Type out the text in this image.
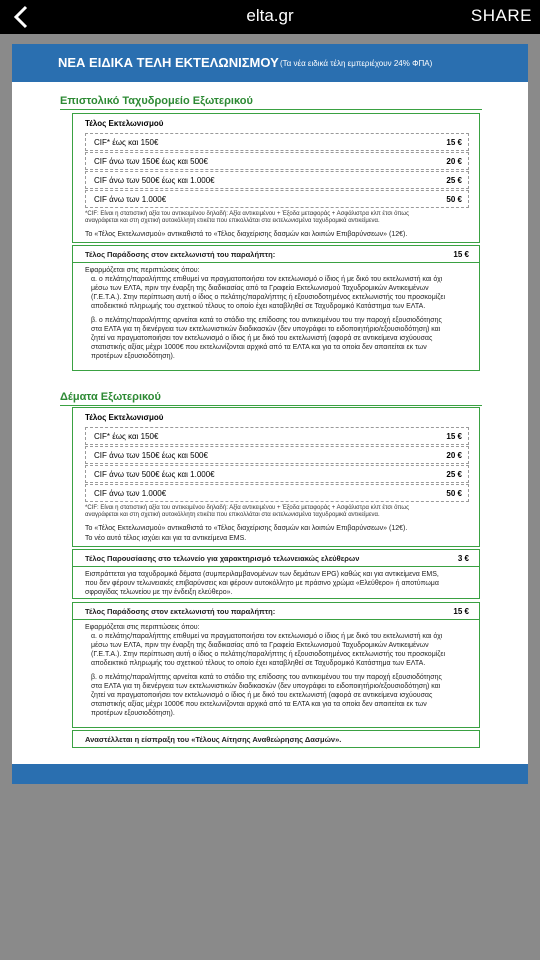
elta.gr	SHARE
ΝΕΑ ΕΙΔΙΚΑ ΤΕΛΗ ΕΚΤΕΛΩΝΙΣΜΟΥ (Τα νέα ειδικά τέλη εμπεριέχουν 24% ΦΠΑ)
Επιστολικό Ταχυδρομείο Εξωτερικού
Τέλος Εκτελωνισμού
CIF* έως και 150€	15 €
CIF άνω των 150€ έως και 500€	20 €
CIF άνω των 500€ έως και 1.000€	25 €
CIF άνω των 1.000€	50 €
*CIF: Είναι η στατιστική αξία του αντικειμένου δηλαδή: Αξία αντικειμένου + Έξοδα μεταφοράς + Ασφάλιστρα κλπ έτσι όπως
αναγράφεται και στη σχετική αυτοκόλλητη ετικέτα που επικολλάται στα εκτελωνισμένα ταχυδρομικά αντικείμενα.
Το «Τέλος Εκτελωνισμού» αντικαθιστά το «Τέλος διαχείρισης δασμών και λοιπών Επιβαρύνσεων» (12€).
Τέλος Παράδοσης στον εκτελωνιστή του παραλήπτη:	15 €
Εφαρμόζεται στις περιπτώσεις όπου:
α. ο πελάτης/παραλήπτης επιθυμεί να πραγματοποιήσει τον εκτελωνισμό ο ίδιος ή με δικό του εκτελωνιστή και όχι
μέσω των ΕΛΤΑ, πριν την έναρξη της διαδικασίας από τα Γραφεία Εκτελωνισμού Ταχυδρομικών Αντικειμένων
(Γ.Ε.Τ.Α.). Στην περίπτωση αυτή ο ίδιος ο πελάτης/παραλήπτης ή εξουσιοδοτημένος εκτελωνιστής του προσκομίζει
αποδεικτικό πληρωμής του σχετικού τέλους το οποίο έχει καταβληθεί σε Ταχυδρομικό Κατάστημα των ΕΛΤΑ.
β. ο πελάτης/παραλήπτης αρνείται κατά το στάδιο της επίδοσης του αντικειμένου του την παροχή εξουσιοδότησης
στα ΕΛΤΑ για τη διενέργεια των εκτελωνιστικών διαδικασιών (δεν υπογράφει το ειδοποιητήριο/εξουσιοδότηση) και
ζητεί να πραγματοποιήσει τον εκτελωνισμό ο ίδιος ή με δικό του εκτελωνιστή (αφορά σε αντικείμενα ισχύουσας
στατιστικής αξίας μέχρι 1000€ που εκτελωνίζονται αρχικά από τα ΕΛΤΑ και για τα οποία δεν απαιτείται εκ των
προτέρων εξουσιοδότηση).
Δέματα Εξωτερικού
Τέλος Εκτελωνισμού
CIF* έως και 150€	15 €
CIF άνω των 150€ έως και 500€	20 €
CIF άνω των 500€ έως και 1.000€	25 €
CIF άνω των 1.000€	50 €
*CIF: Είναι η στατιστική αξία του αντικειμένου δηλαδή: Αξία αντικειμένου + Έξοδα μεταφοράς + Ασφάλιστρα κλπ έτσι όπως
αναγράφεται και στη σχετική αυτοκόλλητη ετικέτα που επικολλάται στα εκτελωνισμένα ταχυδρομικά αντικείμενα.
Το «Τέλος Εκτελωνισμού» αντικαθιστά το «Τέλος διαχείρισης δασμών και λοιπών Επιβαρύνσεων» (12€).
Το νέο αυτό τέλος ισχύει και για τα αντικείμενα EMS.
Τέλος Παρουσίασης στο τελωνείο για χαρακτηρισμό τελωνειακώς ελεύθερων	3 €
Εισπράττεται για ταχυδρομικά δέματα (συμπεριλαμβανομένων των δεμάτων EPG) καθώς και για αντικείμενα EMS,
που δεν φέρουν τελωνειακές επιβαρύνσεις και φέρουν αυτοκόλλητο με πράσινο χρώμα «Ελεύθερο» ή αποτύπωμα
σφραγίδας τελωνείου με την ένδειξη ελεύθερο».
Τέλος Παράδοσης στον εκτελωνιστή του παραλήπτη:	15 €
Εφαρμόζεται στις περιπτώσεις όπου:
α. ο πελάτης/παραλήπτης επιθυμεί να πραγματοποιήσει τον εκτελωνισμό ο ίδιος ή με δικό του εκτελωνιστή και όχι
μέσω των ΕΛΤΑ, πριν την έναρξη της διαδικασίας από τα Γραφεία Εκτελωνισμού Ταχυδρομικών Αντικειμένων
(Γ.Ε.Τ.Α.). Στην περίπτωση αυτή ο ίδιος ο πελάτης/παραλήπτης ή εξουσιοδοτημένος εκτελωνιστής του προσκομίζει
αποδεικτικό πληρωμής του σχετικού τέλους το οποίο έχει καταβληθεί σε Ταχυδρομικό Κατάστημα των ΕΛΤΑ.
β. ο πελάτης/παραλήπτης αρνείται κατά το στάδιο της επίδοσης του αντικειμένου του την παροχή εξουσιοδότησης
στα ΕΛΤΑ για τη διενέργεια των εκτελωνιστικών διαδικασιών (δεν υπογράφει το ειδοποιητήριο/εξουσιοδότηση) και
ζητεί να πραγματοποιήσει τον εκτελωνισμό ο ίδιος ή με δικό του εκτελωνιστή (αφορά σε αντικείμενα ισχύουσας
στατιστικής αξίας μέχρι 1000€ που εκτελωνίζονται αρχικά από τα ΕΛΤΑ και για τα οποία δεν απαιτείται εκ των
προτέρων εξουσιοδότηση).
Αναστέλλεται η είσπραξη του «Τέλους Αίτησης Αναθεώρησης Δασμών».
